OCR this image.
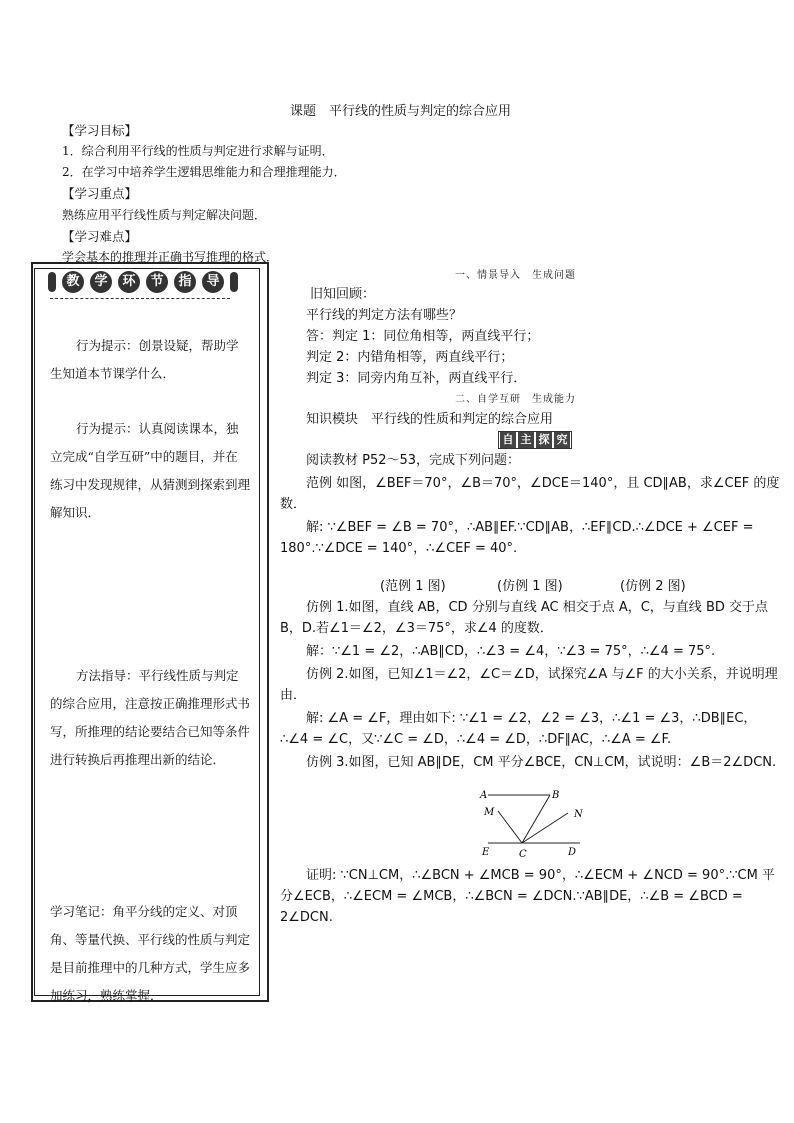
课题　平行线的性质与判定的综合应用
【学习目标】
1．综合利用平行线的性质与判定进行求解与证明．
2．在学习中培养学生逻辑思维能力和合理推理能力．
【学习重点】
熟练应用平行线性质与判定解决问题．
【学习难点】
学会基本的推理并正确书写推理的格式．
教	学	环	节	指	导

行为提示：创景设疑，帮助学生知道本节课学什么．

行为提示：认真阅读课本，独立完成“自学互研”中的题目，并在练习中发现规律，从猜测到探索到理解知识．

方法指导：平行线性质与判定的综合应用，注意按正确推理形式书写，所推理的结论要结合已知等条件进行转换后再推理出新的结论．

学习笔记：角平分线的定义、对顶角、等量代换、平行线的性质与判定是目前推理中的几种方式，学生应多加练习，熟练掌握．

一、情景导入　生成问题

旧知回顾：

平行线的判定方法有哪些？

答：判定 1：同位角相等，两直线平行；

判定 2：内错角相等，两直线平行；

判定 3：同旁内角互补，两直线平行．

二、自学互研　生成能力

知识模块　平行线的性质和判定的综合应用

自 主 探 究

阅读教材 P52～53，完成下列问题：

范例 如图，∠BEF＝70°，∠B＝70°，∠DCE＝140°，且 CD∥AB，求∠CEF 的度数．

解: ∵∠BEF = ∠B = 70°，∴AB∥EF.∵CD∥AB，∴EF∥CD.∴∠DCE + ∠CEF = 180°.∵∠DCE = 140°，∴∠CEF = 40°.

(范例 1 图)	(仿例 1 图)	(仿例 2 图)

仿例 1.如图，直线 AB，CD 分别与直线 AC 相交于点 A，C，与直线 BD 交于点 B，D.若∠1＝∠2，∠3＝75°，求∠4 的度数．

解：∵∠1 = ∠2，∴AB∥CD，∴∠3 = ∠4，∵∠3 = 75°，∴∠4 = 75°.

仿例 2.如图，已知∠1＝∠2，∠C＝∠D，试探究∠A 与∠F 的大小关系，并说明理由．

解: ∠A = ∠F，理由如下: ∵∠1 = ∠2，∠2 = ∠3，∴∠1 = ∠3，∴DB∥EC，∴∠4 = ∠C，又∵∠C = ∠D，∴∠4 = ∠D，∴DF∥AC，∴∠A = ∠F.

仿例 3.如图，已知 AB∥DE，CM 平分∠BCE，CN⊥CM，试说明：∠B＝2∠DCN.

A	B
M	N
E	C	D

证明: ∵CN⊥CM，∴∠BCN + ∠MCB = 90°，∴∠ECM + ∠NCD = 90°.∵CM 平分∠ECB，∴∠ECM = ∠MCB，∴∠BCN = ∠DCN.∵AB∥DE，∴∠B = ∠BCD = 2∠DCN.
